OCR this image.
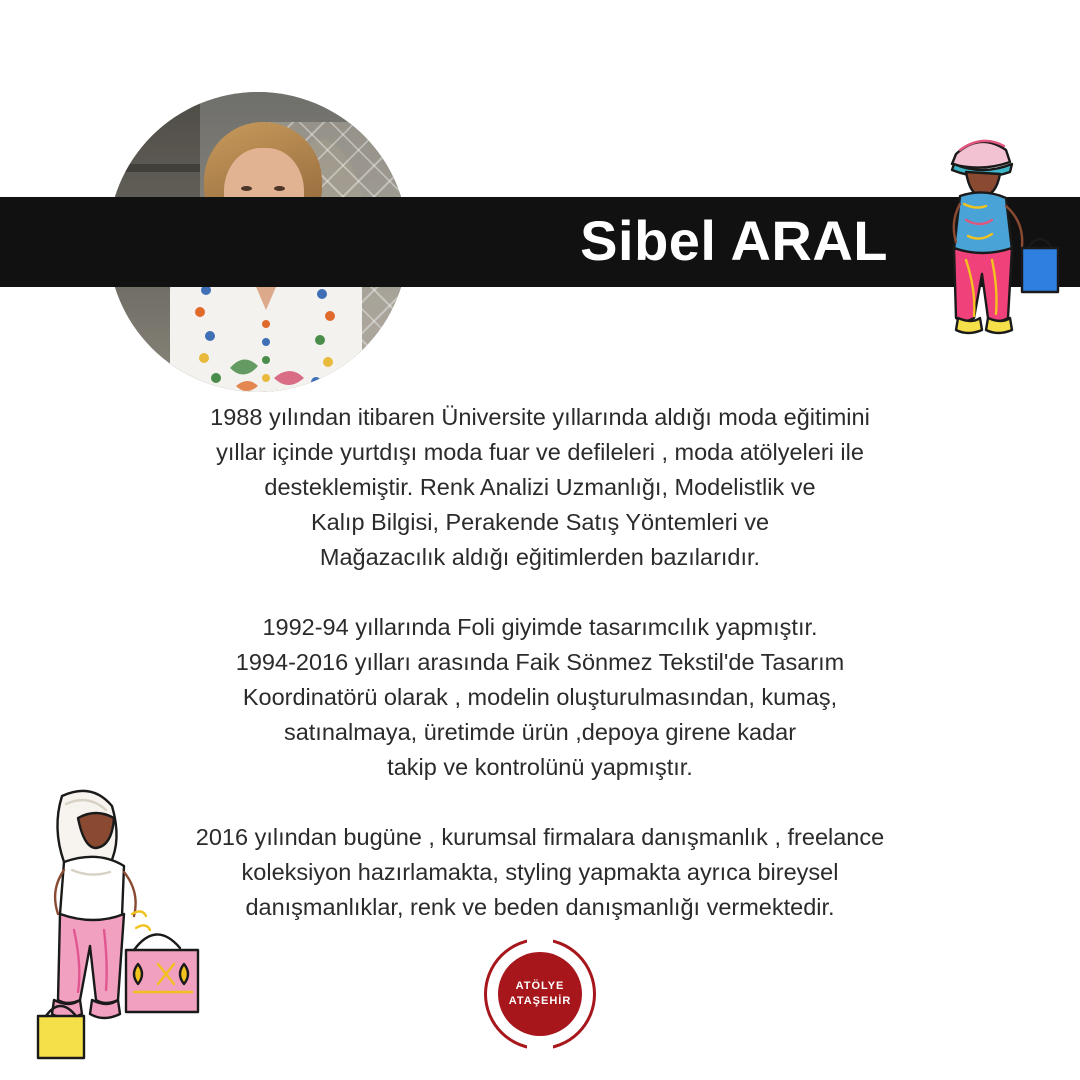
Sibel ARAL

1988 yılından itibaren Üniversite yıllarında aldığı moda eğitimini
yıllar içinde yurtdışı moda fuar ve defileleri , moda atölyeleri ile
desteklemiştir. Renk Analizi Uzmanlığı, Modelistlik ve
Kalıp Bilgisi, Perakende Satış Yöntemleri ve
Mağazacılık aldığı eğitimlerden bazılarıdır.

1992-94 yıllarında Foli giyimde tasarımcılık yapmıştır.
1994-2016 yılları arasında Faik Sönmez Tekstil'de Tasarım
Koordinatörü olarak , modelin oluşturulmasından, kumaş,
satınalmaya, üretimde ürün ,depoya girene kadar
takip ve kontrolünü yapmıştır.

2016 yılından bugüne , kurumsal firmalara danışmanlık , freelance
koleksiyon hazırlamakta, styling yapmakta ayrıca bireysel
danışmanlıklar, renk ve beden danışmanlığı vermektedir.

ATÖLYE
ATAŞEHİR
